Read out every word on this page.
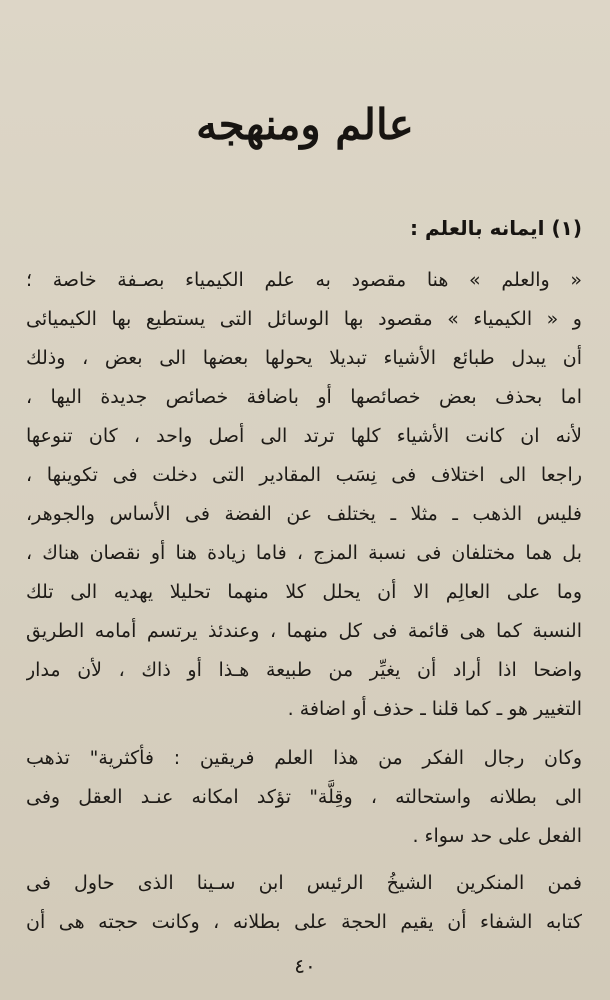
عالم ومنهجه
(١) ايمانه بالعلم :
« والعلم » هنا مقصود به علم الكيمياء بصـفة خاصة ؛
و « الكيمياء » مقصود بها الوسائل التى يستطيع بها الكيميائى
أن يبدل طبائع الأشياء تبديلا يحولها بعضها الى بعض ، وذلك
اما بحذف بعض خصائصها أو باضافة خصائص جديدة اليها ،
لأنه ان كانت الأشياء كلها ترتد الى أصل واحد ، كان تنوعها
راجعا الى اختلاف فى نِسَب المقادير التى دخلت فى تكوينها ،
فليس الذهب ـ مثلا ـ يختلف عن الفضة فى الأساس والجوهر،
بل هما مختلفان فى نسبة المزج ، فاما زيادة هنا أو نقصان هناك ،
وما على العالِم الا أن يحلل كلا منهما تحليلا يهديه الى تلك
النسبة كما هى قائمة فى كل منهما ، وعندئذ يرتسم أمامه الطريق
واضحا اذا أراد أن يغيِّر من طبيعة هـذا أو ذاك ، لأن مدار
التغيير هو ـ كما قلنا ـ حذف أو اضافة .
وكان رجال الفكر من هذا العلم فريقين : فأكثرية" تذهب
الى بطلانه واستحالته ، وقِلَّة" تؤكد امكانه عنـد العقل وفى
الفعل على حد سواء .
فمن المنكرين الشيخُ الرئيس ابن سـينا الذى حاول فى
كتابه الشفاء أن يقيم الحجة على بطلانه ، وكانت حجته هى أن
٤٠
